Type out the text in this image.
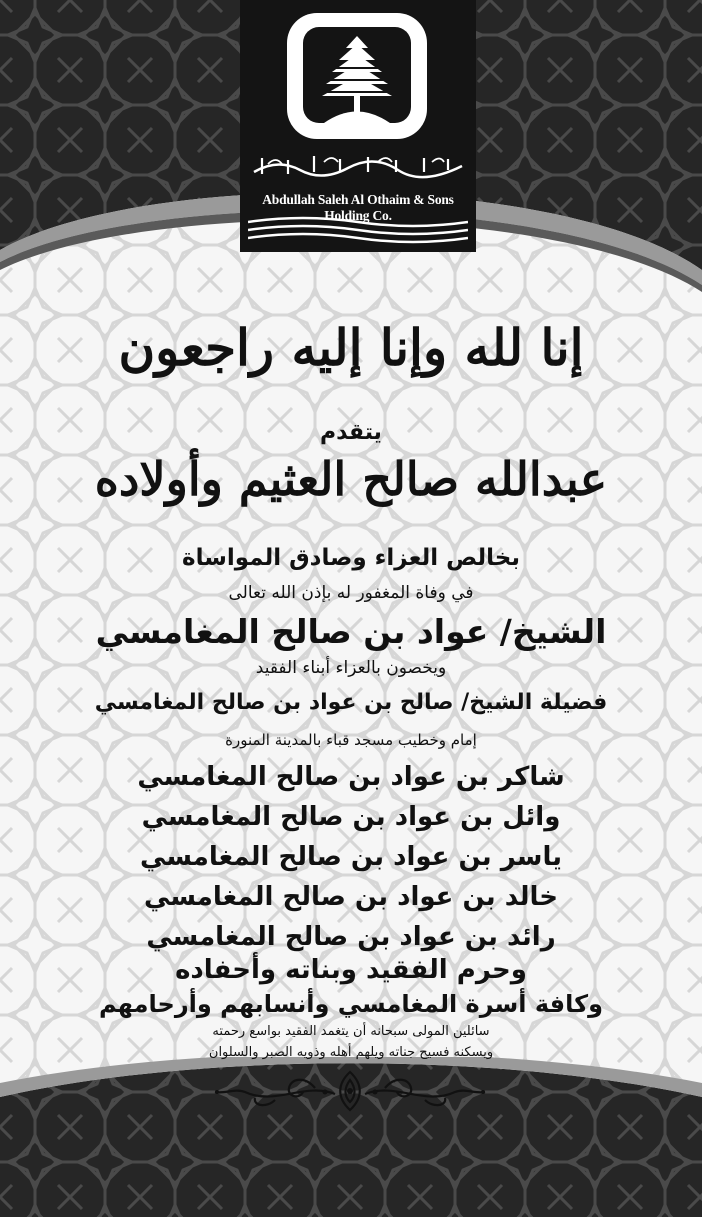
Abdullah Saleh Al Othaim & Sons Holding Co.
إنا لله وإنا إليه راجعون
يتقدم
عبدالله صالح العثيم وأولاده
بخالص العزاء وصادق المواساة
في وفاة المغفور له بإذن الله تعالى
الشيخ/ عواد بن صالح المغامسي
ويخصون بالعزاء أبناء الفقيد
فضيلة الشيخ/ صالح بن عواد بن صالح المغامسي
إمام وخطيب مسجد قباء بالمدينة المنورة
شاكر بن عواد بن صالح المغامسي
وائل بن عواد بن صالح المغامسي
ياسر بن عواد بن صالح المغامسي
خالد بن عواد بن صالح المغامسي
رائد بن عواد بن صالح المغامسي
وحرم الفقيد وبناته وأحفاده
وكافة أسرة المغامسي وأنسابهم وأرحامهم
سائلين المولى سبحانه أن يتغمد الفقيد بواسع رحمته
ويسكنه فسيح جناته ويلهم أهله وذويه الصبر والسلوان
